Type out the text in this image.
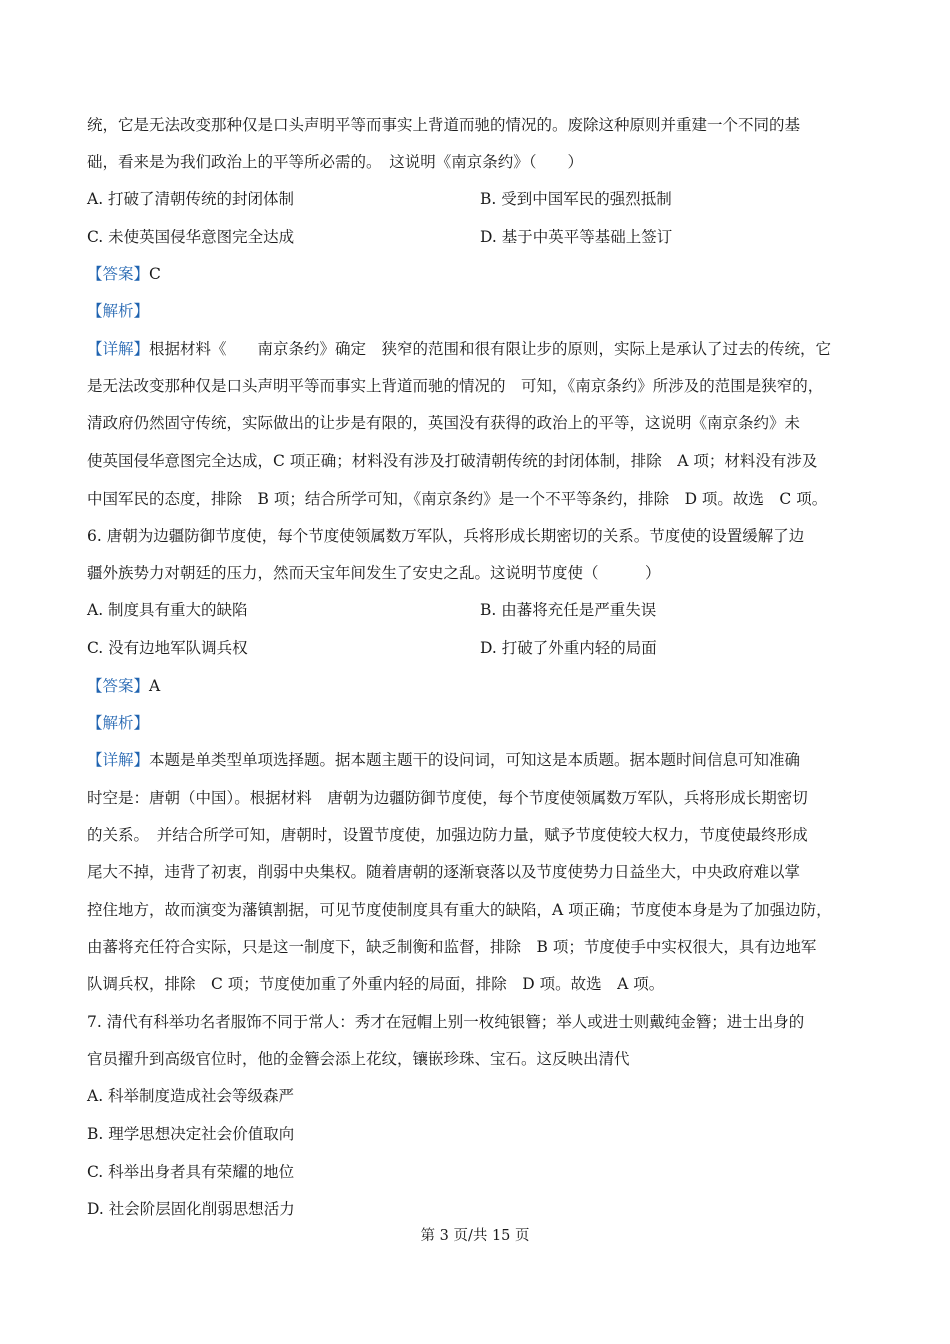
统，它是无法改变那种仅是口头声明平等而事实上背道而驰的情况的。废除这种原则并重建一个不同的基
础，看来是为我们政治上的平等所必需的。　这说明《南京条约》（　　）
A. 打破了清朝传统的封闭体制	B. 受到中国军民的强烈抵制
C. 未使英国侵华意图完全达成	D. 基于中英平等基础上签订
【答案】C
【解析】
【详解】根据材料《　　南京条约》确定　狭窄的范围和很有限让步的原则，实际上是承认了过去的传统，它
是无法改变那种仅是口头声明平等而事实上背道而驰的情况的　可知，《南京条约》所涉及的范围是狭窄的，
清政府仍然固守传统，实际做出的让步是有限的，英国没有获得的政治上的平等，这说明《南京条约》未
使英国侵华意图完全达成，C 项正确；材料没有涉及打破清朝传统的封闭体制，排除　A 项；材料没有涉及
中国军民的态度，排除　B 项；结合所学可知，《南京条约》是一个不平等条约，排除　D 项。故选　C 项。
6. 唐朝为边疆防御节度使，每个节度使领属数万军队，兵将形成长期密切的关系。节度使的设置缓解了边
疆外族势力对朝廷的压力，然而天宝年间发生了安史之乱。这说明节度使（　　　）
A. 制度具有重大的缺陷	B. 由蕃将充任是严重失误
C. 没有边地军队调兵权	D. 打破了外重内轻的局面
【答案】A
【解析】
【详解】本题是单类型单项选择题。据本题主题干的设问词，可知这是本质题。据本题时间信息可知准确
时空是：唐朝（中国）。根据材料　唐朝为边疆防御节度使，每个节度使领属数万军队，兵将形成长期密切
的关系。　并结合所学可知，唐朝时，设置节度使，加强边防力量，赋予节度使较大权力，节度使最终形成
尾大不掉，违背了初衷，削弱中央集权。随着唐朝的逐渐衰落以及节度使势力日益坐大，中央政府难以掌
控住地方，故而演变为藩镇割据，可见节度使制度具有重大的缺陷，A 项正确；节度使本身是为了加强边防，
由蕃将充任符合实际，只是这一制度下，缺乏制衡和监督，排除　B 项；节度使手中实权很大，具有边地军
队调兵权，排除　C 项；节度使加重了外重内轻的局面，排除　D 项。故选　A 项。
7. 清代有科举功名者服饰不同于常人：秀才在冠帽上别一枚纯银簪；举人或进士则戴纯金簪；进士出身的
官员擢升到高级官位时，他的金簪会添上花纹，镶嵌珍珠、宝石。这反映出清代
A. 科举制度造成社会等级森严
B. 理学思想决定社会价值取向
C. 科举出身者具有荣耀的地位
D. 社会阶层固化削弱思想活力
第 3 页/共 15 页
